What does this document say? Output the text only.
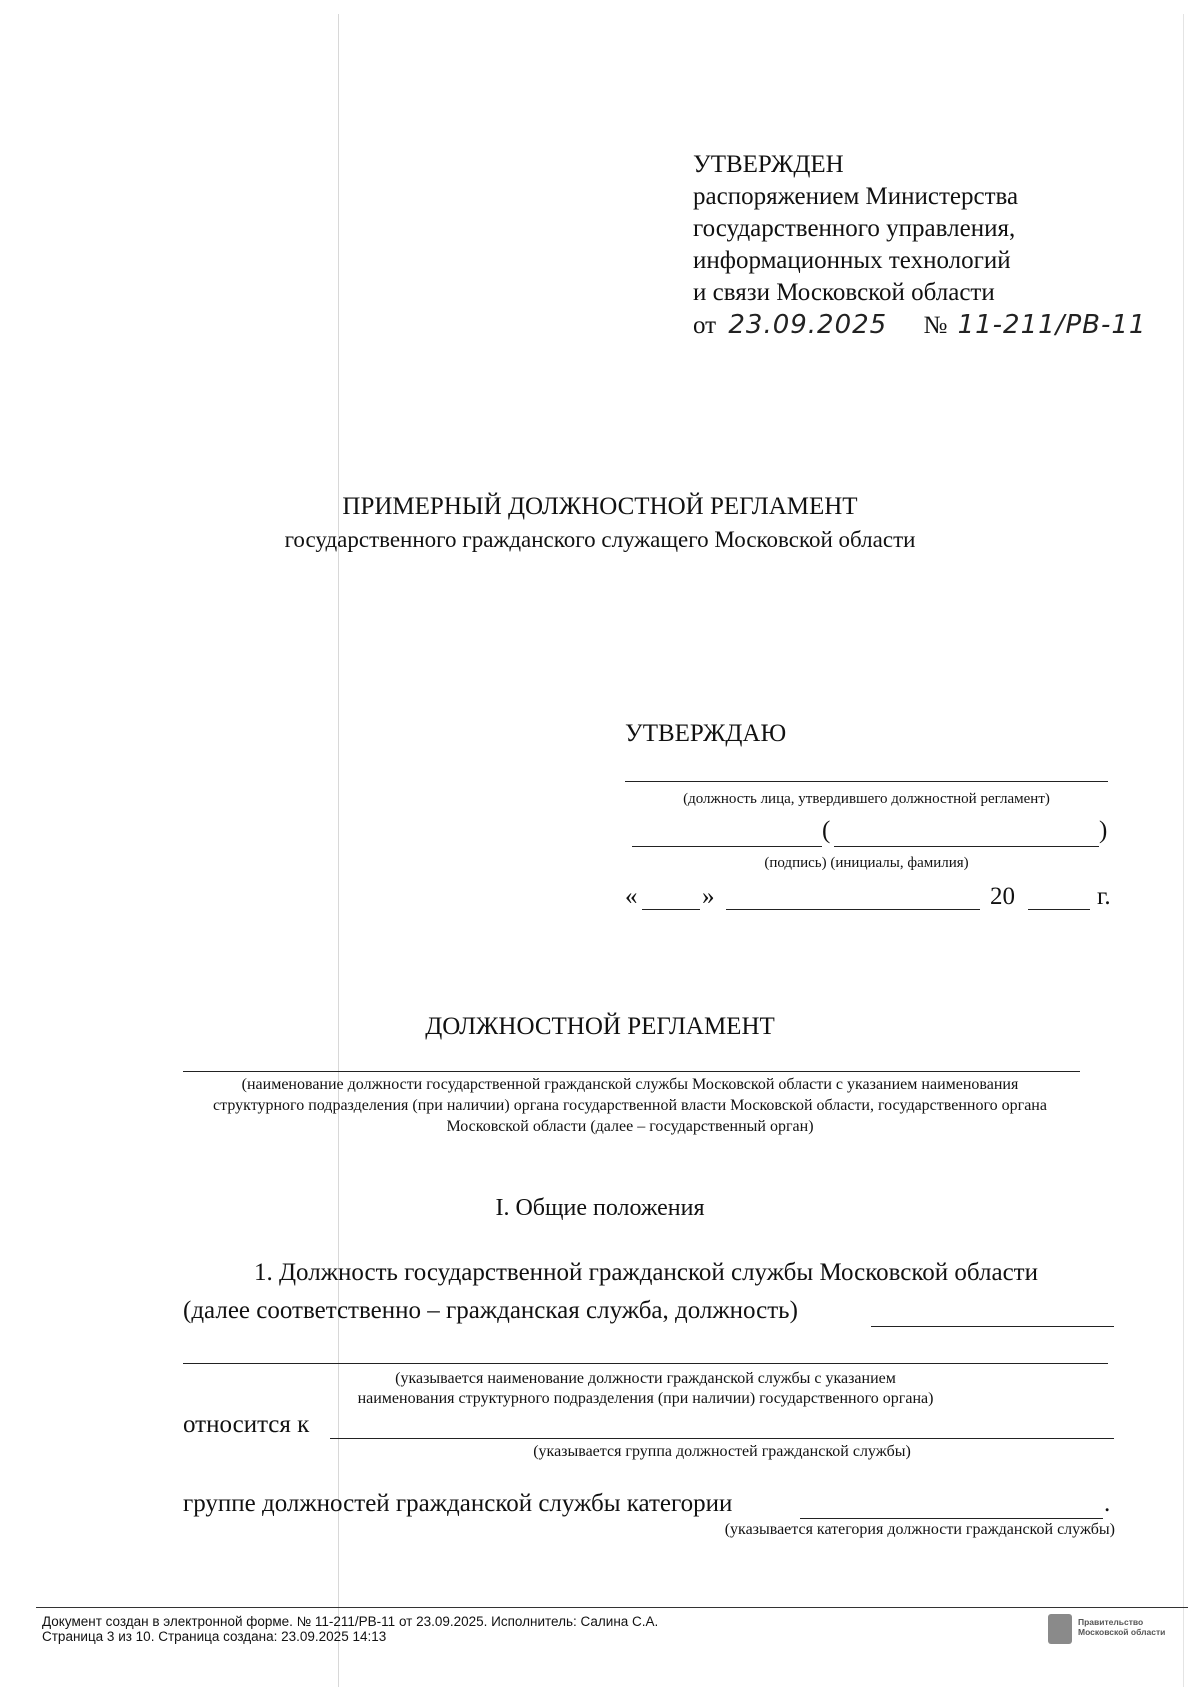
УТВЕРЖДЕН
распоряжением Министерства
государственного управления,
информационных технологий
и связи Московской области
от 23.09.2025 № 11-211/РВ-11
ПРИМЕРНЫЙ ДОЛЖНОСТНОЙ РЕГЛАМЕНТ
государственного гражданского служащего Московской области
УТВЕРЖДАЮ
(должность лица, утвердившего должностной регламент)
(	)
(подпись) (инициалы, фамилия)
«	»	20	г.
ДОЛЖНОСТНОЙ РЕГЛАМЕНТ
(наименование должности государственной гражданской службы Московской области с указанием наименования
структурного подразделения (при наличии) органа государственной власти Московской области, государственного органа
Московской области (далее – государственный орган)
I. Общие положения
1. Должность государственной гражданской службы Московской области
(далее соответственно – гражданская служба, должность)
(указывается наименование должности гражданской службы с указанием
наименования структурного подразделения (при наличии) государственного органа)
относится к
(указывается группа должностей гражданской службы)
группе должностей гражданской службы категории	.
(указывается категория должности гражданской службы)
Документ создан в электронной форме. № 11-211/РВ-11 от 23.09.2025. Исполнитель: Салина С.А.
Страница 3 из 10. Страница создана: 23.09.2025 14:13
Правительство
Московской области
